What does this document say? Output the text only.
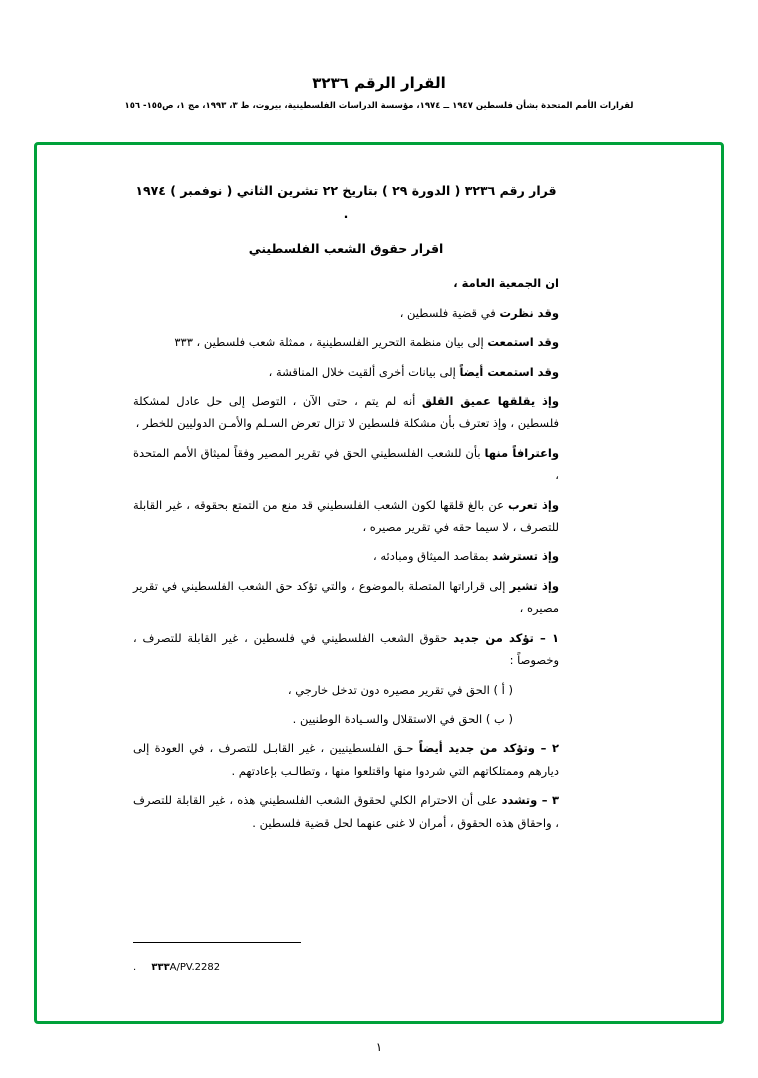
القرار الرقم ٣٢٣٦
لقرارات الأمم المتحدة بشأن فلسطين ١٩٤٧ ــ ١٩٧٤، مؤسسة الدراسات الفلسطينية، بيروت، ط ٣، ١٩٩٣، مج ١، ص١٥٥- ١٥٦
قرار رقم ٣٢٣٦ ( الدورة ٢٩ ) بتاريخ ٢٢ تشرين الثاني ( نوفمبر ) ١٩٧٤ .
اقرار حقوق الشعب الفلسطيني

ان الجمعية العامة ،

وقد نظرت في قضية فلسطين ،

وقد استمعت إلى بيان منظمة التحرير الفلسطينية ، ممثلة شعب فلسطين ، ٣٣٣

وقد استمعت أيضاً إلى بيانات أخرى ألقيت خلال المناقشة ،

وإذ يقلقها عميق القلق أنه لم يتم ، حتى الآن ، التوصل إلى حل عادل لمشكلة فلسطين ، وإذ تعترف بأن مشكلة فلسطين لا تزال تعرض السـلم والأمـن الدوليين للخطر ،

واعترافاً منها بأن للشعب الفلسطيني الحق في تقرير المصير وفقاً لميثاق الأمم المتحدة ،

وإذ تعرب عن بالغ قلقها لكون الشعب الفلسطيني قد منع من التمتع بحقوقه ، غير القابلة للتصرف ، لا سيما حقه في تقرير مصيره ،

وإذ تسترشد بمقاصد الميثاق ومبادئه ،

وإذ تشير إلى قراراتها المتصلة بالموضوع ، والتي تؤكد حق الشعب الفلسطيني في تقرير مصيره ،

١ – تؤكد من جديد حقوق الشعب الفلسطيني في فلسطين ، غير القابلة للتصرف ، وخصوصاً :

( أ ) الحق في تقرير مصيره دون تدخل خارجي ،

( ب ) الحق في الاستقلال والسـيادة الوطنيين .

٢ – وتؤكد من جديد أيضاً حـق الفلسطينيين ، غير القابـل للتصرف ، في العودة إلى ديارهم وممتلكاتهم التي شردوا منها واقتلعوا منها ، وتطالـب بإعادتهم .

٣ – وتشدد على أن الاحترام الكلي لحقوق الشعب الفلسطيني هذه ، غير القابلة للتصرف ، واحقاق هذه الحقوق ، أمران لا غنى عنهما لحل قضية فلسطين .

٣٣٣A/PV.2282 .
١
